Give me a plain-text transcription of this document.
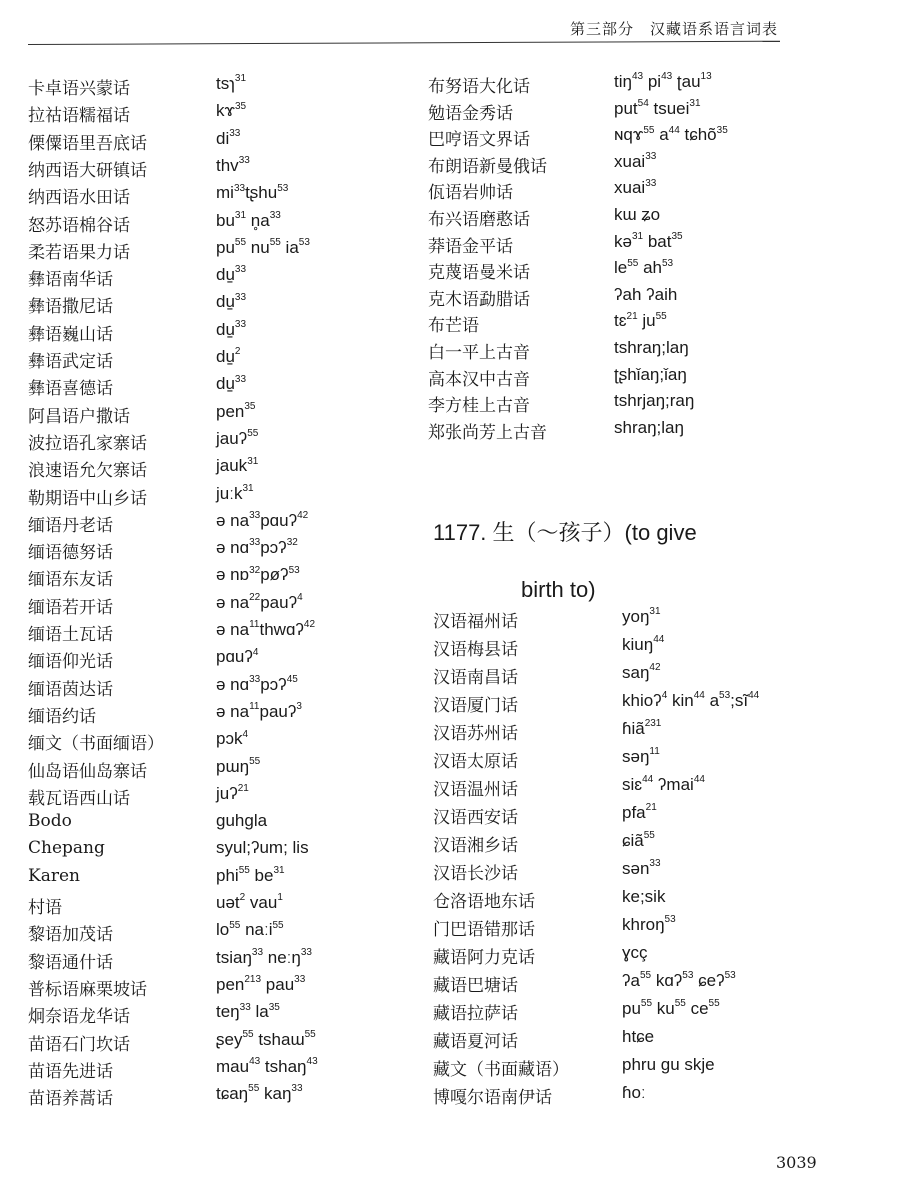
第三部分　汉藏语系语言词表
卡卓语兴蒙话	tsɿ$^{31}$
拉祜语糯福话	kɤ$^{35}$
傈僳语里吾底话	$di^{33}$
纳西语大研镇话	thv$^{33}$
纳西语水田话	$mi^{33}tʂhu^{53}$
怒苏语棉谷话	$bu^{31}$ $n̥a^{33}$
柔若语果力话	$pu^{55}$ $nu^{55}$ $ia^{53}$
彝语南华话	du̠$^{33}$
彝语撒尼话	du̠$^{33}$
彝语巍山话	du̠$^{33}$
彝语武定话	du̠$^2$
彝语喜德话	du̠$^{33}$
阿昌语户撒话	pen$^{35}$
波拉语孔家寨话	jauʔ$^{55}$
浪速语允欠寨话	jauk$^{31}$
勒期语中山乡话	juːk$^{31}$
缅语丹老话	ə $na^{33}pɑuʔ^{42}$
缅语德努话	ə nɑ$^{33}$pɔʔ$^{32}$
缅语东友话	ə nɒ$^{32}$pøʔ$^{53}$
缅语若开话	ə $na^{22}pauʔ^4$
缅语土瓦话	ə $na^{11}thwɑʔ^{42}$
缅语仰光话	pɑuʔ$^4$
缅语茵达话	ə nɑ$^{33}$pɔʔ$^{45}$
缅语约话	ə $na^{11}pauʔ^3$
缅文（书面缅语）	pɔk$^4$
仙岛语仙岛寨话	pɯŋ$^{55}$
载瓦语西山话	juʔ$^{21}$
Bodo	guhgla
Chepang	syul;ʔum; lis
Karen	phi$^{55}$ $be^{31}$
村语	uət$^2$ vau$^1$
黎语加茂话	$lo^{55}$ naːi$^{55}$
黎语通什话	tsiaŋ$^{33}$ neːŋ$^{33}$
普标语麻栗坡话	pen$^{213}$ pau$^{33}$
炯奈语龙华话	teŋ$^{33}$ $la^{35}$
苗语石门坎话	ʂey$^{55}$ tshaɯ$^{55}$
苗语先进话	mau$^{43}$ tshaŋ$^{43}$
苗语养蒿话	tɕaŋ$^{55}$ kaŋ$^{33}$
布努语大化话	tiŋ$^{43}$ $pi^{43}$ ʈau$^{13}$
勉语金秀话	put$^{54}$ tsuei$^{31}$
巴哼语文界话	ɴqɤ$^{55}$ $a^{44}$ tɕhõ$^{35}$
布朗语新曼俄话	xuai$^{33}$
佤语岩帅话	xuai$^{33}$
布兴语磨憨话	kɯ ʑo
莽语金平话	kə$^{31}$ bat$^{35}$
克蔑语曼米话	$le^{55}$ $ah^{53}$
克木语勐腊话	ʔah ʔaih
布芒语	tɛ$^{21}$ $ju^{55}$
白一平上古音	tshraŋ;laŋ
高本汉中古音	ʈʂhǐaŋ;ǐaŋ
李方桂上古音	tshrjaŋ;raŋ
郑张尚芳上古音	shraŋ;laŋ
1177. 生（～孩子）(to give
birth to)
汉语福州话	yoŋ$^{31}$
汉语梅县话	kiuŋ$^{44}$
汉语南昌话	saŋ$^{42}$
汉语厦门话	khioʔ$^4$ kin$^{44}$ $a^{53};sĩ^{44}$
汉语苏州话	ɦiã$^{231}$
汉语太原话	səŋ$^{11}$
汉语温州话	siɛ$^{44}$ ʔmai$^{44}$
汉语西安话	pfa$^{21}$
汉语湘乡话	ɕiã$^{55}$
汉语长沙话	sən$^{33}$
仓洛语地东话	ke;sik
门巴语错那话	khroŋ$^{53}$
藏语阿力克话	ɣcç
藏语巴塘话	ʔa$^{55}$ kɑʔ$^{53}$ ɕeʔ$^{53}$
藏语拉萨话	$pu^{55}$ $ku^{55}$ $ce^{55}$
藏语夏河话	htɕe
藏文（书面藏语）	phru gu skje
博嘎尔语南伊话	ɦoː
3039
